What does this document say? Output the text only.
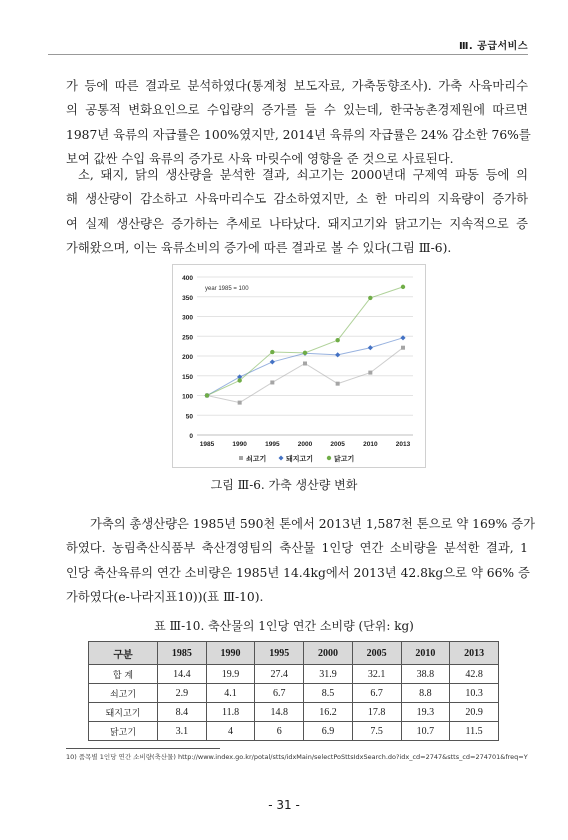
Ⅲ. 공급서비스
가 등에 따른 결과로 분석하였다(통계청 보도자료, 가축동향조사). 가축 사육마리수
의 공통적 변화요인으로 수입량의 증가를 들 수 있는데, 한국농촌경제원에 따르면
1987년 육류의 자급률은 100%였지만, 2014년 육류의 자급률은 24% 감소한 76%를
보여 값싼 수입 육류의 증가로 사육 마릿수에 영향을 준 것으로 사료된다.
소, 돼지, 닭의 생산량을 분석한 결과, 쇠고기는 2000년대 구제역 파동 등에 의
해 생산량이 감소하고 사육마리수도 감소하였지만, 소 한 마리의 지육량이 증가하
여 실제 생산량은 증가하는 추세로 나타났다. 돼지고기와 닭고기는 지속적으로 증
가해왔으며, 이는 육류소비의 증가에 따른 결과로 볼 수 있다(그림 Ⅲ-6).
0
50
100
150
200
250
300
350
400
1985	1990	1995	2000	2005	2010	2013
year 1985 = 100
쇠고기	돼지고기	닭고기
그림 Ⅲ-6. 가축 생산량 변화
가축의 총생산량은 1985년 590천 톤에서 2013년 1,587천 톤으로 약 169% 증가
하였다. 농림축산식품부 축산경영팀의 축산물 1인당 연간 소비량을 분석한 결과, 1
인당 축산육류의 연간 소비량은 1985년 14.4kg에서 2013년 42.8kg으로 약 66% 증
가하였다(e-나라지표10))(표 Ⅲ-10).
표 Ⅲ-10. 축산물의 1인당 연간 소비량 (단위: kg)
구분	1985	1990	1995	2000	2005	2010	2013
합 계	14.4	19.9	27.4	31.9	32.1	38.8	42.8
쇠고기	2.9	4.1	6.7	8.5	6.7	8.8	10.3
돼지고기	8.4	11.8	14.8	16.2	17.8	19.3	20.9
닭고기	3.1	4	6	6.9	7.5	10.7	11.5
10) 품목별 1인당 연간 소비량(축산물) http://www.index.go.kr/potal/stts/idxMain/selectPoSttsIdxSearch.do?idx_cd=2747&stts_cd=274701&freq=Y
- 31 -
